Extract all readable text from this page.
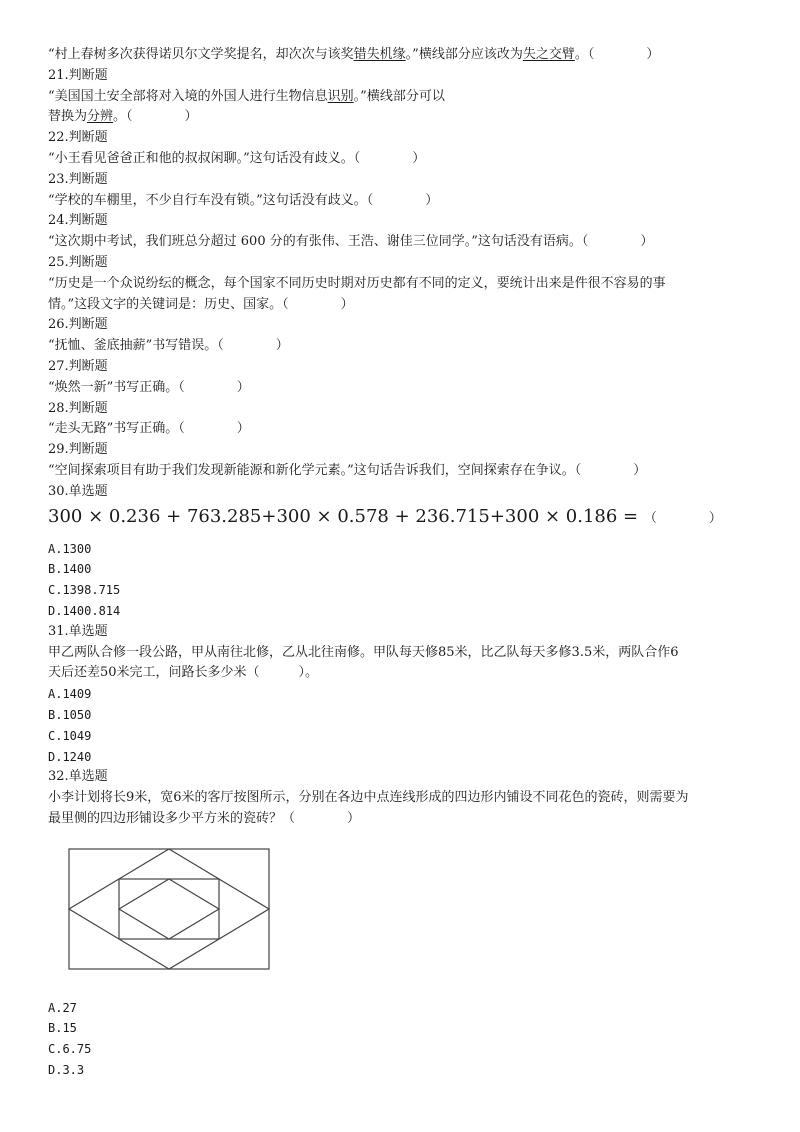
“村上春树多次获得诺贝尔文学奖提名，却次次与该奖错失机缘。”横线部分应该改为失之交臂。（　　　　）
21.判断题
“美国国土安全部将对入境的外国人进行生物信息识别。”横线部分可以
替换为分辨。（　　　　）
22.判断题
“小王看见爸爸正和他的叔叔闲聊。”这句话没有歧义。（　　　　）
23.判断题
“学校的车棚里，不少自行车没有锁。”这句话没有歧义。（　　　　）
24.判断题
“这次期中考试，我们班总分超过 600 分的有张伟、王浩、谢佳三位同学。”这句话没有语病。（　　　　）
25.判断题
“历史是一个众说纷纭的概念，每个国家不同历史时期对历史都有不同的定义，要统计出来是件很不容易的事
情。”这段文字的关键词是：历史、国家。（　　　　）
26.判断题
“抚恤、釜底抽薪”书写错误。（　　　　）
27.判断题
“焕然一新”书写正确。（　　　　）
28.判断题
“走头无路”书写正确。（　　　　）
29.判断题
“空间探索项目有助于我们发现新能源和新化学元素。”这句话告诉我们，空间探索存在争议。（　　　　）
30.单选题
300 × 0.236 + 763.285+300 × 0.578 + 236.715+300 × 0.186 = （　　　　）
A.1300
B.1400
C.1398.715
D.1400.814
31.单选题
甲乙两队合修一段公路，甲从南往北修，乙从北往南修。甲队每天修85米，比乙队每天多修3.5米，两队合作6
天后还差50米完工，问路长多少米（　　　）。
A.1409
B.1050
C.1049
D.1240
32.单选题
小李计划将长9米，宽6米的客厅按图所示，分别在各边中点连线形成的四边形内铺设不同花色的瓷砖，则需要为
最里侧的四边形铺设多少平方米的瓷砖？（　　　　）
A.27
B.15
C.6.75
D.3.3
